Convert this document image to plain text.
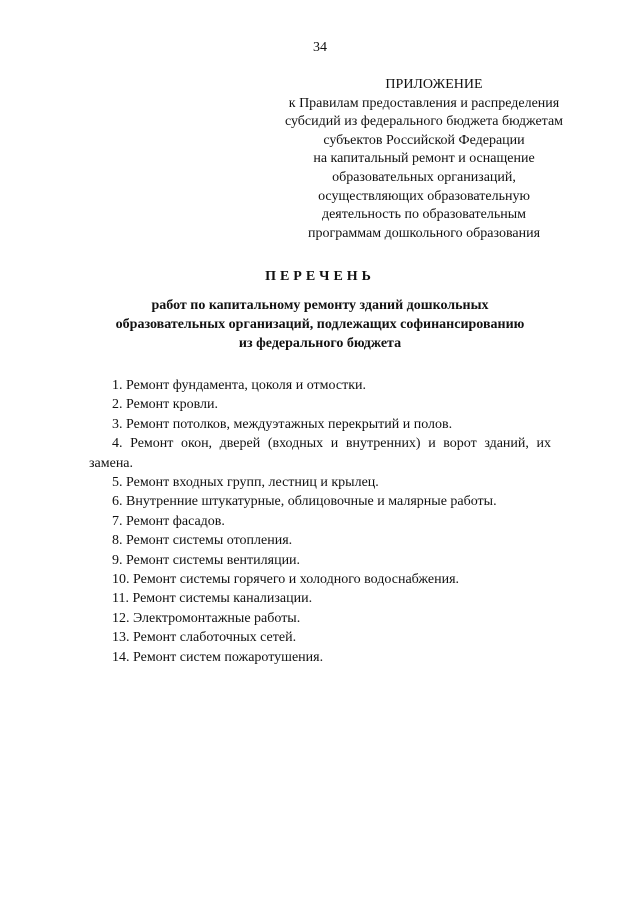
34
ПРИЛОЖЕНИЕ
к Правилам предоставления и распределения
субсидий из федерального бюджета бюджетам
субъектов Российской Федерации
на капитальный ремонт и оснащение
образовательных организаций,
осуществляющих образовательную
деятельность по образовательным
программам дошкольного образования
ПЕРЕЧЕНЬ
работ по капитальному ремонту зданий дошкольных
образовательных организаций, подлежащих софинансированию
из федерального бюджета
1. Ремонт фундамента, цоколя и отмостки.
2. Ремонт кровли.
3. Ремонт потолков, междуэтажных перекрытий и полов.
4. Ремонт окон, дверей (входных и внутренних) и ворот зданий, их замена.
5. Ремонт входных групп, лестниц и крылец.
6. Внутренние штукатурные, облицовочные и малярные работы.
7. Ремонт фасадов.
8. Ремонт системы отопления.
9. Ремонт системы вентиляции.
10. Ремонт системы горячего и холодного водоснабжения.
11. Ремонт системы канализации.
12. Электромонтажные работы.
13. Ремонт слаботочных сетей.
14. Ремонт систем пожаротушения.
